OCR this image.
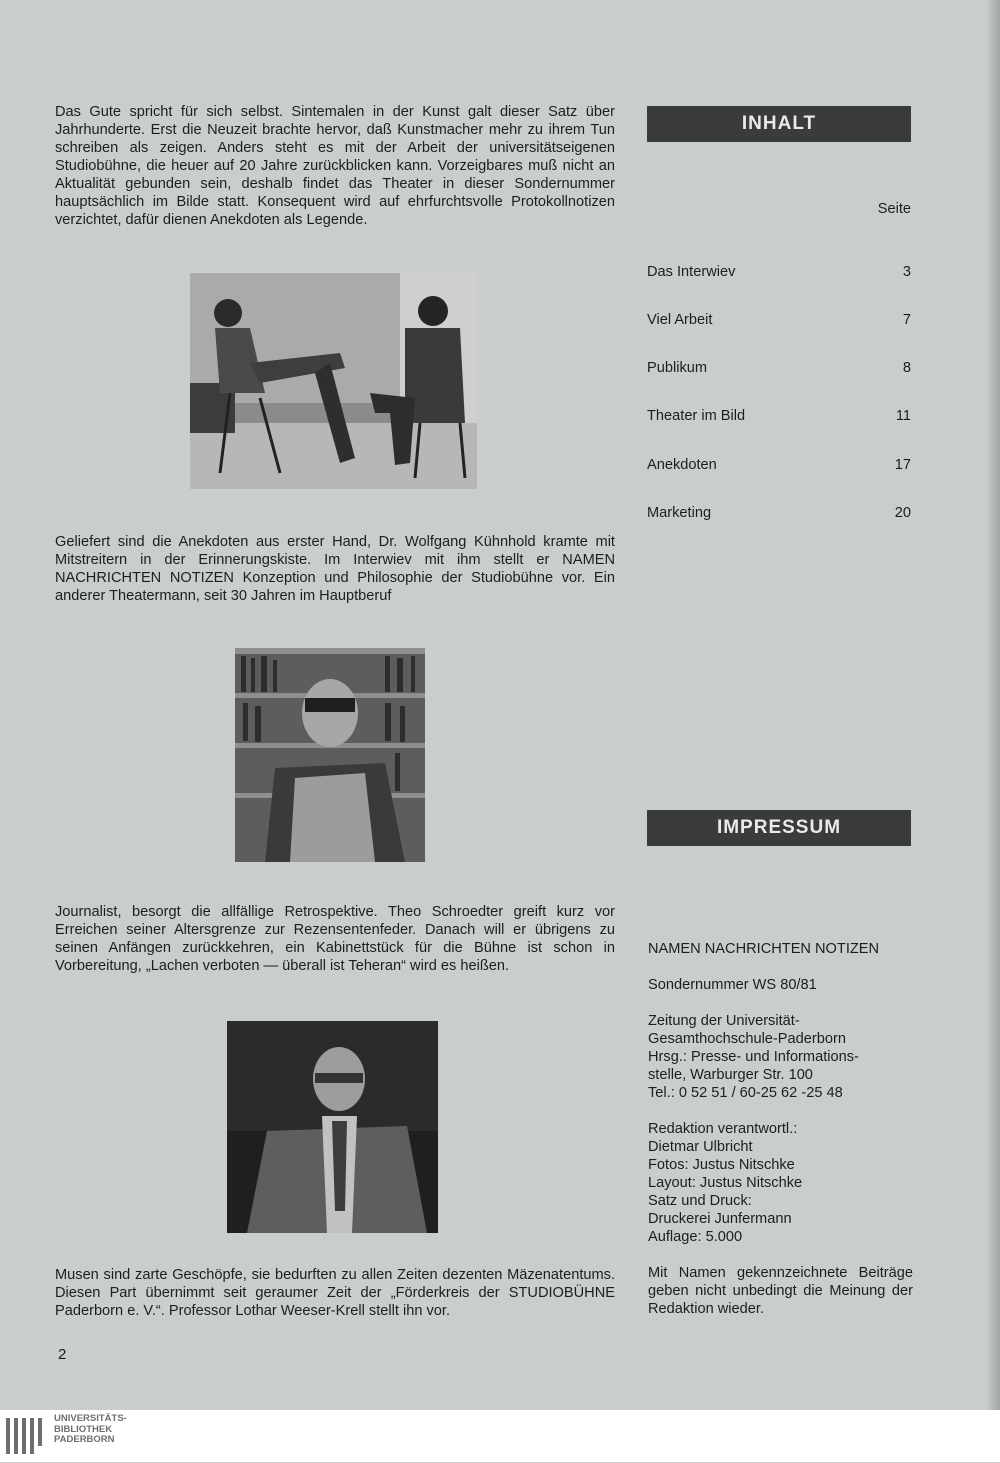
Das Gute spricht für sich selbst. Sintemalen in der Kunst galt dieser Satz über Jahrhunderte. Erst die Neuzeit brachte hervor, daß Kunstmacher mehr zu ihrem Tun schreiben als zeigen. Anders steht es mit der Arbeit der universitätseigenen Studiobühne, die heuer auf 20 Jahre zurückblicken kann. Vorzeigbares muß nicht an Aktualität gebunden sein, deshalb findet das Theater in dieser Sondernummer hauptsächlich im Bilde statt. Konsequent wird auf ehrfurchtsvolle Protokollnotizen verzichtet, dafür dienen Anekdoten als Legende.

Geliefert sind die Anekdoten aus erster Hand, Dr. Wolfgang Kühnhold kramte mit Mitstreitern in der Erinnerungskiste. Im Interwiev mit ihm stellt er NAMEN NACHRICHTEN NOTIZEN Konzeption und Philosophie der Studiobühne vor. Ein anderer Theatermann, seit 30 Jahren im Hauptberuf

Journalist, besorgt die allfällige Retrospektive. Theo Schroedter greift kurz vor Erreichen seiner Altersgrenze zur Rezensentenfeder. Danach will er übrigens zu seinen Anfängen zurückkehren, ein Kabinettstück für die Bühne ist schon in Vorbereitung, „Lachen verboten — überall ist Teheran“ wird es heißen.

Musen sind zarte Geschöpfe, sie bedurften zu allen Zeiten dezenten Mäzenatentums. Diesen Part übernimmt seit geraumer Zeit der „Förderkreis der STUDIOBÜHNE Paderborn e. V.“. Professor Lothar Weeser-Krell stellt ihn vor.

INHALT
Seite
Das Interwiev	3
Viel Arbeit	7
Publikum	8
Theater im Bild	11
Anekdoten	17
Marketing	20
IMPRESSUM

NAMEN NACHRICHTEN NOTIZEN

Sondernummer WS 80/81

Zeitung der Universität-
Gesamthochschule-Paderborn
Hrsg.: Presse- und Informations-
stelle, Warburger Str. 100
Tel.: 0 52 51 / 60-25 62 -25 48
Redaktion verantwortl.:
Dietmar Ulbricht
Fotos: Justus Nitschke
Layout: Justus Nitschke
Satz und Druck:
Druckerei Junfermann
Auflage: 5.000

Mit Namen gekennzeichnete Beiträge geben nicht unbedingt die Meinung der Redaktion wieder.

2
UNIVERSITÄTS-
BIBLIOTHEK
PADERBORN
